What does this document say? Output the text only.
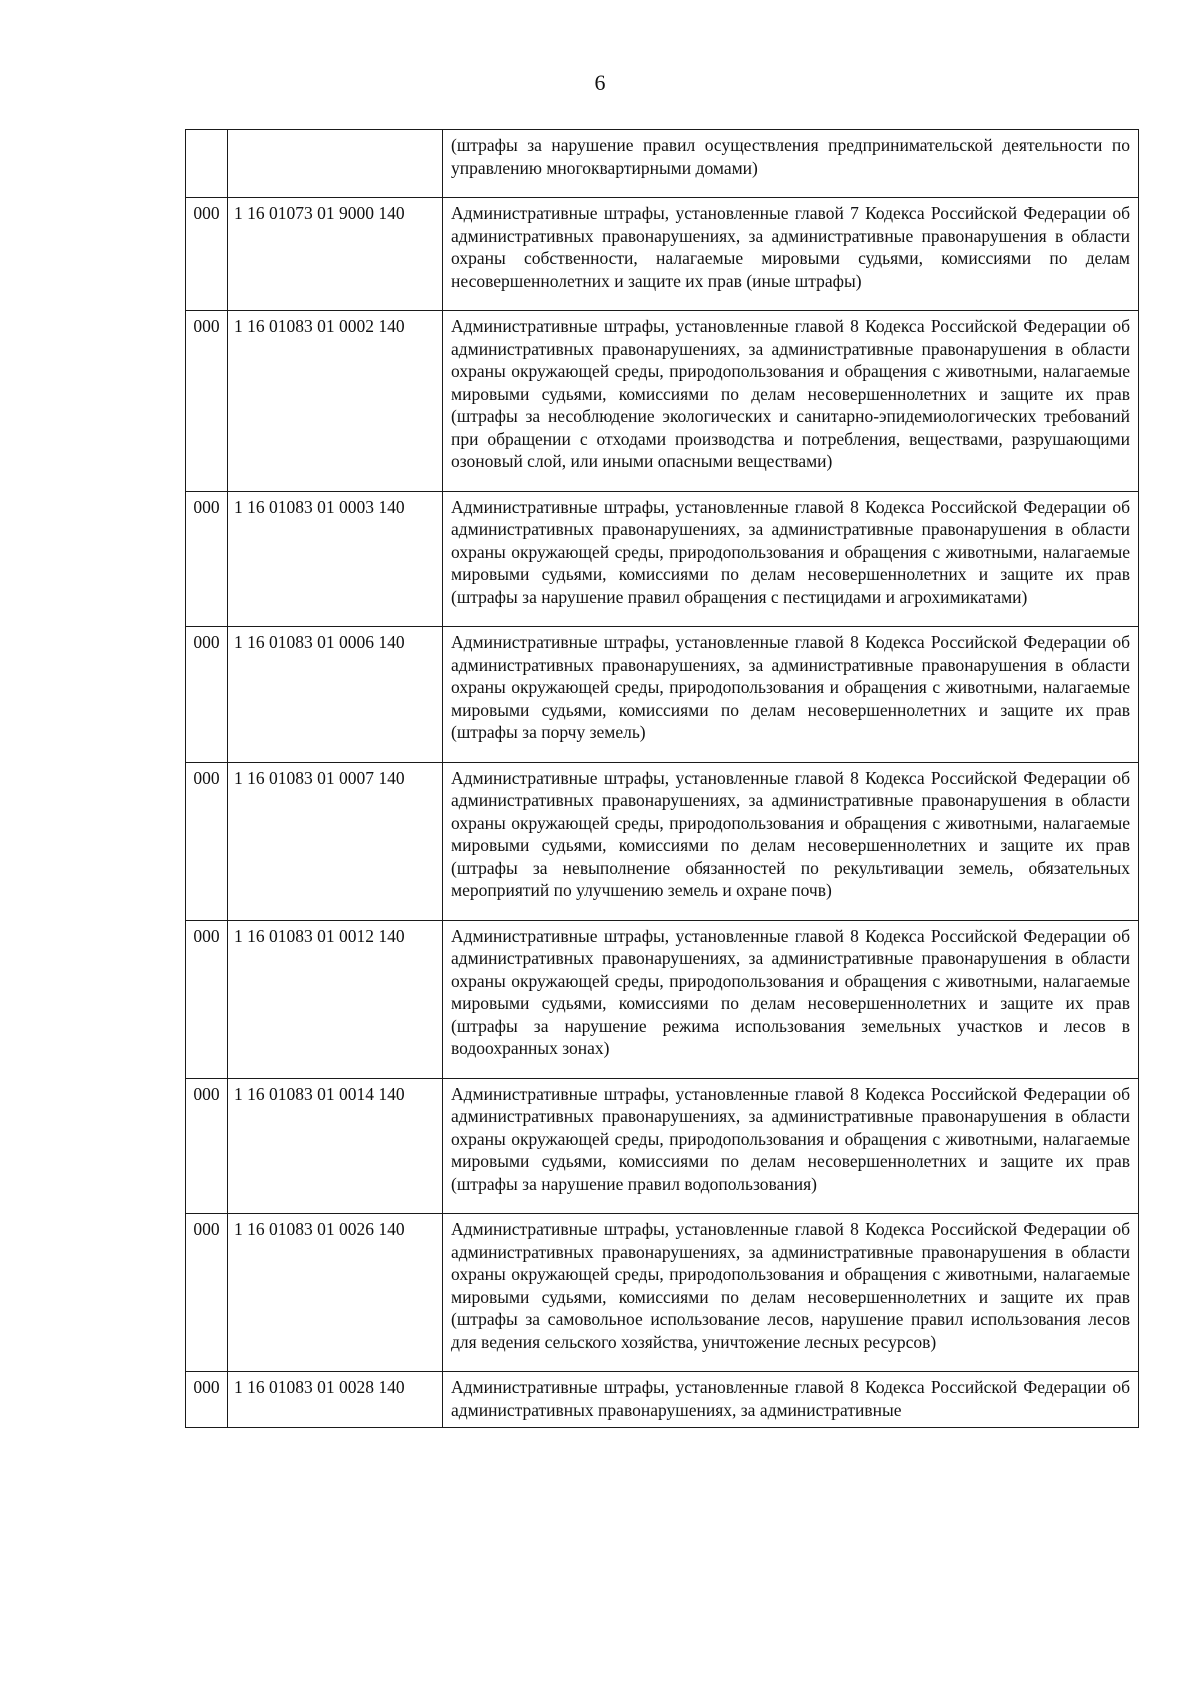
6
		(штрафы за нарушение правил осуществления предпринимательской деятельности по управлению многоквартирными домами)
000	1 16 01073 01 9000 140	Административные штрафы, установленные главой 7 Кодекса Российской Федерации об административных правонарушениях, за административные правонарушения в области охраны собственности, налагаемые мировыми судьями, комиссиями по делам несовершеннолетних и защите их прав (иные штрафы)
000	1 16 01083 01 0002 140	Административные штрафы, установленные главой 8 Кодекса Российской Федерации об административных правонарушениях, за административные правонарушения в области охраны окружающей среды, природопользования и обращения с животными, налагаемые мировыми судьями, комиссиями по делам несовершеннолетних и защите их прав (штрафы за несоблюдение экологических и санитарно-эпидемиологических требований при обращении с отходами производства и потребления, веществами, разрушающими озоновый слой, или иными опасными веществами)
000	1 16 01083 01 0003 140	Административные штрафы, установленные главой 8 Кодекса Российской Федерации об административных правонарушениях, за административные правонарушения в области охраны окружающей среды, природопользования и обращения с животными, налагаемые мировыми судьями, комиссиями по делам несовершеннолетних и защите их прав (штрафы за нарушение правил обращения с пестицидами и агрохимикатами)
000	1 16 01083 01 0006 140	Административные штрафы, установленные главой 8 Кодекса Российской Федерации об административных правонарушениях, за административные правонарушения в области охраны окружающей среды, природопользования и обращения с животными, налагаемые мировыми судьями, комиссиями по делам несовершеннолетних и защите их прав (штрафы за порчу земель)
000	1 16 01083 01 0007 140	Административные штрафы, установленные главой 8 Кодекса Российской Федерации об административных правонарушениях, за административные правонарушения в области охраны окружающей среды, природопользования и обращения с животными, налагаемые мировыми судьями, комиссиями по делам несовершеннолетних и защите их прав (штрафы за невыполнение обязанностей по рекультивации земель, обязательных мероприятий по улучшению земель и охране почв)
000	1 16 01083 01 0012 140	Административные штрафы, установленные главой 8 Кодекса Российской Федерации об административных правонарушениях, за административные правонарушения в области охраны окружающей среды, природопользования и обращения с животными, налагаемые мировыми судьями, комиссиями по делам несовершеннолетних и защите их прав (штрафы за нарушение режима использования земельных участков и лесов в водоохранных зонах)
000	1 16 01083 01 0014 140	Административные штрафы, установленные главой 8 Кодекса Российской Федерации об административных правонарушениях, за административные правонарушения в области охраны окружающей среды, природопользования и обращения с животными, налагаемые мировыми судьями, комиссиями по делам несовершеннолетних и защите их прав (штрафы за нарушение правил водопользования)
000	1 16 01083 01 0026 140	Административные штрафы, установленные главой 8 Кодекса Российской Федерации об административных правонарушениях, за административные правонарушения в области охраны окружающей среды, природопользования и обращения с животными, налагаемые мировыми судьями, комиссиями по делам несовершеннолетних и защите их прав (штрафы за самовольное использование лесов, нарушение правил использования лесов для ведения сельского хозяйства, уничтожение лесных ресурсов)
000	1 16 01083 01 0028 140	Административные штрафы, установленные главой 8 Кодекса Российской Федерации об административных правонарушениях, за административные
